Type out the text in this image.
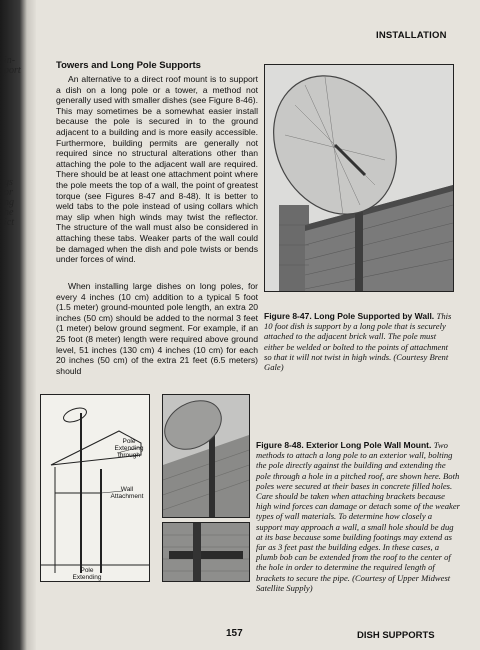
in-
port
gs
or
ng
he
ict
INSTALLATION
Towers and Long Pole Supports

An alternative to a direct roof mount is to support a dish on a long pole or a tower, a method not generally used with smaller dishes (see Figure 8-46). This may sometimes be a somewhat easier install because the pole is secured in to the ground adjacent to a building and is more easily accessible. Furthermore, building permits are generally not required since no structural alterations other than attaching the pole to the adjacent wall are required. There should be at least one attachment point where the pole meets the top of a wall, the point of greatest torque (see Figures 8-47 and 8-48). It is better to weld tabs to the pole instead of using collars which may slip when high winds may twist the reflector. The structure of the wall must also be considered in attaching these tabs. Weaker parts of the wall could be damaged when the dish and pole twists or bends under forces of wind.

When installing large dishes on long poles, for every 4 inches (10 cm) addition to a typical 5 foot (1.5 meter) ground-mounted pole length, an extra 20 inches (50 cm) should be added to the normal 3 feet (1 meter) below ground segment. For example, if an 25 foot (8 meter) length were required above ground level, 51 inches (130 cm) 4 inches (10 cm) for each 20 inches (50 cm) of the extra 21 feet (6.5 meters) should

Figure 8-47. Long Pole Supported by Wall. This 10 foot dish is support by a long pole that is securely attached to the adjacent brick wall. The pole must either be welded or bolted to the points of attachment so that it will not twist in high winds. (Courtesy Brent Gale)

Pole
Extending
through
Wall
Attachment
Pole
Extending

Figure 8-48. Exterior Long Pole Wall Mount. Two methods to attach a long pole to an exterior wall, bolting the pole directly against the building and extending the pole through a hole in a pitched roof, are shown here. Both poles were secured at their bases in concrete filled holes. Care should be taken when attaching brackets because high wind forces can damage or detach some of the weaker types of wall materials. To determine how closely a support may approach a wall, a small hole should be dug at its base because some building footings may extend as far as 3 feet past the building edges. In these cases, a plumb bob can be extended from the roof to the center of the hole in order to determine the required length of brackets to secure the pipe. (Courtesy of Upper Midwest Satellite Supply)

157	DISH SUPPORTS
